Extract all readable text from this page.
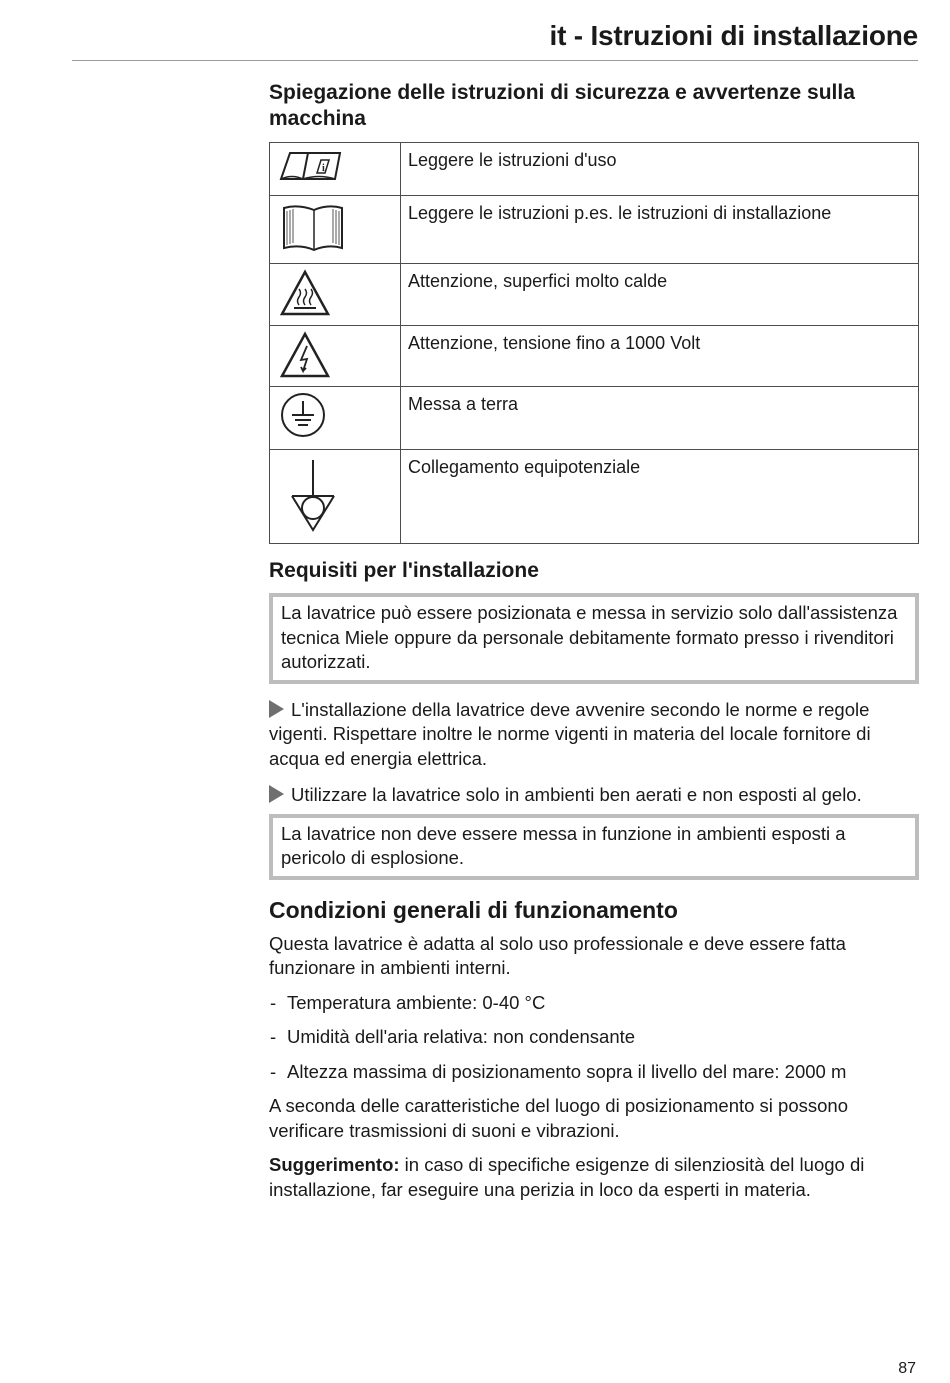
it - Istruzioni di installazione
Spiegazione delle istruzioni di sicurezza e avvertenze sulla macchina
i	Leggere le istruzioni d'uso

	Leggere le istruzioni p.es. le istruzioni di installazione

	Attenzione, superfici molto calde

	Attenzione, tensione fino a 1000 Volt

	Messa a terra

	Collegamento equipotenziale
Requisiti per l'installazione
La lavatrice può essere posizionata e messa in servizio solo dall'assistenza tecnica Miele oppure da personale debitamente formato presso i rivenditori autorizzati.

L'installazione della lavatrice deve avvenire secondo le norme e regole vigenti. Rispettare inoltre le norme vigenti in materia del locale fornitore di acqua ed energia elettrica.

Utilizzare la lavatrice solo in ambienti ben aerati e non esposti al gelo.

La lavatrice non deve essere messa in funzione in ambienti esposti a pericolo di esplosione.
Condizioni generali di funzionamento

Questa lavatrice è adatta al solo uso professionale e deve essere fatta funzionare in ambienti interni.

- Temperatura ambiente: 0-40 °C
- Umidità dell'aria relativa: non condensante
- Altezza massima di posizionamento sopra il livello del mare: 2000 m

A seconda delle caratteristiche del luogo di posizionamento si possono verificare trasmissioni di suoni e vibrazioni.

Suggerimento: in caso di specifiche esigenze di silenziosità del luogo di installazione, far eseguire una perizia in loco da esperti in materia.

87
